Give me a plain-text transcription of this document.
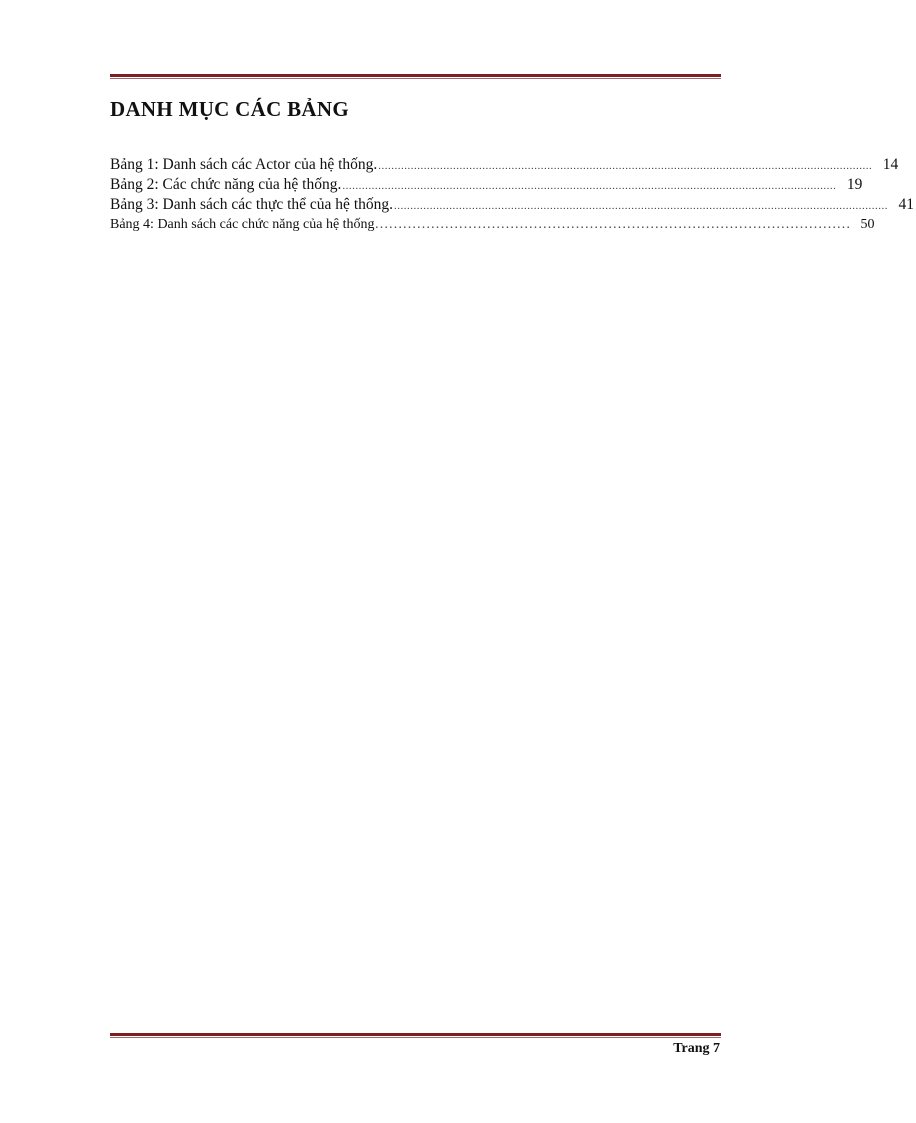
DANH MỤC CÁC BẢNG
Bảng 1: Danh sách các Actor của hệ thống. ........................................................................................................................................................ 14
Bảng 2: Các chức năng của hệ thống. ........................................................................................................................................................ 19
Bảng 3: Danh sách các thực thể của hệ thống. ........................................................................................................................................................ 41
Bảng 4: Danh sách các chức năng của hệ thống ………………………………………………………………………………………… 50
Trang 7
